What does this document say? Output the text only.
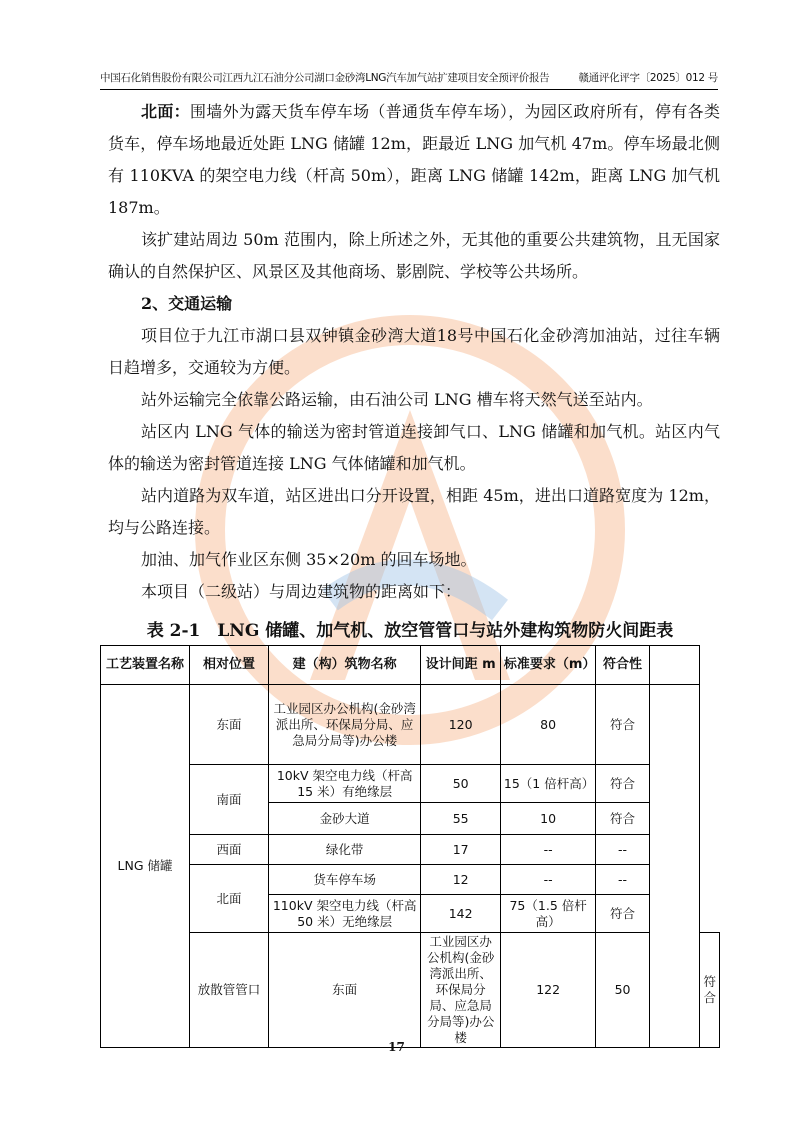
中国石化销售股份有限公司江西九江石油分公司湖口金砂湾LNG汽车加气站扩建项目安全预评价报告	赣通评化评字〔2025〕012 号

北面：围墙外为露天货车停车场（普通货车停车场），为园区政府所有，停有各类货车，停车场地最近处距 LNG 储罐 12m，距最近 LNG 加气机 47m。停车场最北侧有 110KVA 的架空电力线（杆高 50m），距离 LNG 储罐 142m，距离 LNG 加气机 187m。

该扩建站周边 50m 范围内，除上所述之外，无其他的重要公共建筑物，且无国家确认的自然保护区、风景区及其他商场、影剧院、学校等公共场所。

2、交通运输

项目位于九江市湖口县双钟镇金砂湾大道18号中国石化金砂湾加油站，过往车辆日趋增多，交通较为方便。

站外运输完全依靠公路运输，由石油公司 LNG 槽车将天然气送至站内。

站区内 LNG 气体的输送为密封管道连接卸气口、LNG 储罐和加气机。站区内气体的输送为密封管道连接 LNG 气体储罐和加气机。

站内道路为双车道，站区进出口分开设置，相距 45m，进出口道路宽度为 12m，均与公路连接。

加油、加气作业区东侧 35×20m 的回车场地。

本项目（二级站）与周边建筑物的距离如下：

表 2-1　LNG 储罐、加气机、放空管管口与站外建构筑物防火间距表
工艺装置名称	相对位置	建（构）筑物名称	设计间距 m	标准要求（m）	符合性		
LNG 储罐	东面	工业园区办公机构(金砂湾派出所、环保局分局、应急局分局等)办公楼	120	80	符合		
	南面	10kV 架空电力线（杆高 15 米）有绝缘层	50	15（1 倍杆高）	符合		
		金砂大道	55	10	符合		
	西面	绿化带	17	--	--		
	北面	货车停车场	12	--	--		
		110kV 架空电力线（杆高 50 米）无绝缘层	142	75（1.5 倍杆高）	符合		
	放散管管口	东面	工业园区办公机构(金砂湾派出所、环保局分局、应急局分局等)办公楼	122	50		符合
17
